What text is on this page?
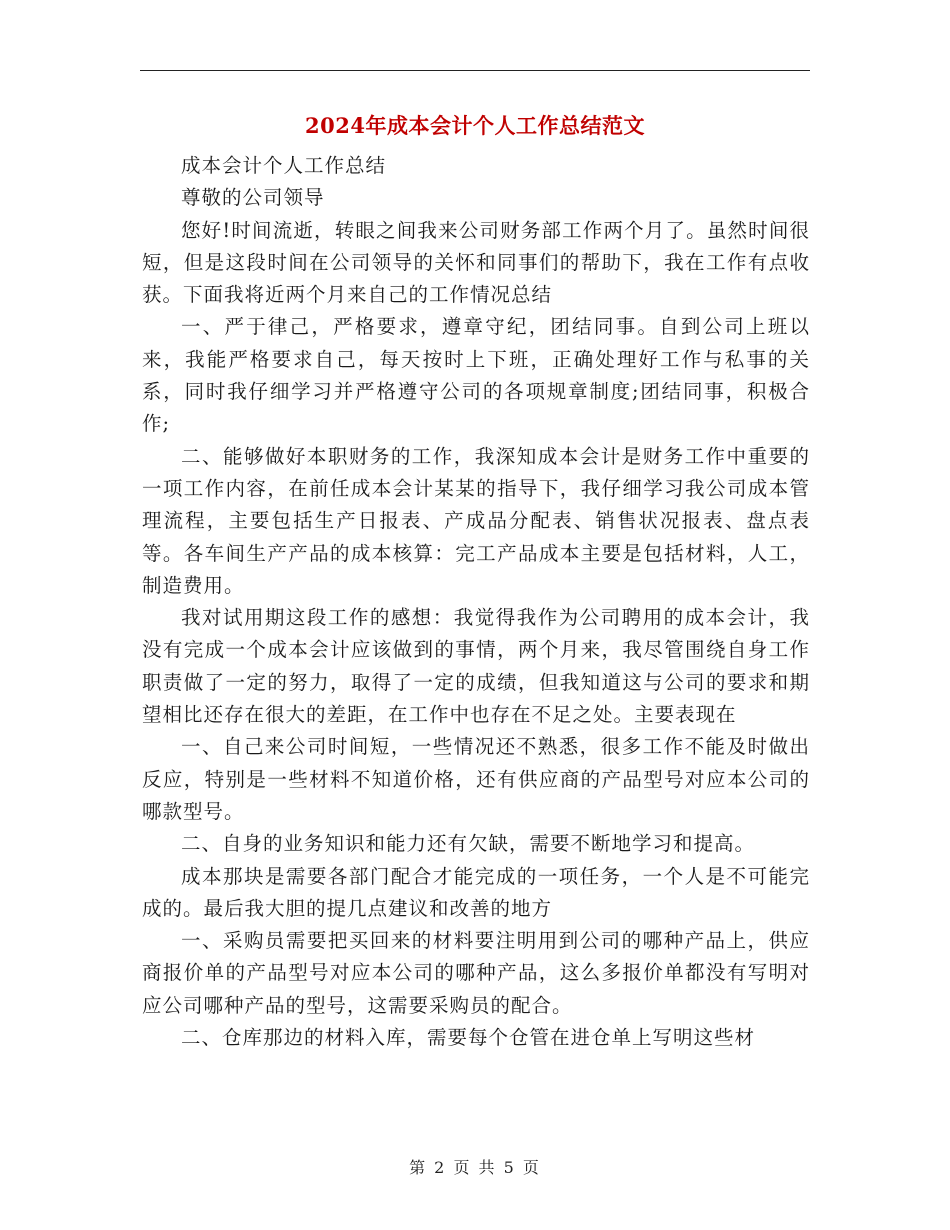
2024年成本会计个人工作总结范文

成本会计个人工作总结

尊敬的公司领导

您好!时间流逝，转眼之间我来公司财务部工作两个月了。虽然时间很短，但是这段时间在公司领导的关怀和同事们的帮助下，我在工作有点收获。下面我将近两个月来自己的工作情况总结

一、严于律己，严格要求，遵章守纪，团结同事。自到公司上班以来，我能严格要求自己，每天按时上下班，正确处理好工作与私事的关系，同时我仔细学习并严格遵守公司的各项规章制度;团结同事，积极合作;

二、能够做好本职财务的工作，我深知成本会计是财务工作中重要的一项工作内容，在前任成本会计某某的指导下，我仔细学习我公司成本管理流程，主要包括生产日报表、产成品分配表、销售状况报表、盘点表等。各车间生产产品的成本核算：完工产品成本主要是包括材料，人工，制造费用。

我对试用期这段工作的感想：我觉得我作为公司聘用的成本会计，我没有完成一个成本会计应该做到的事情，两个月来，我尽管围绕自身工作职责做了一定的努力，取得了一定的成绩，但我知道这与公司的要求和期望相比还存在很大的差距，在工作中也存在不足之处。主要表现在

一、自己来公司时间短，一些情况还不熟悉，很多工作不能及时做出反应，特别是一些材料不知道价格，还有供应商的产品型号对应本公司的哪款型号。

二、自身的业务知识和能力还有欠缺，需要不断地学习和提高。

成本那块是需要各部门配合才能完成的一项任务，一个人是不可能完成的。最后我大胆的提几点建议和改善的地方

一、采购员需要把买回来的材料要注明用到公司的哪种产品上，供应商报价单的产品型号对应本公司的哪种产品，这么多报价单都没有写明对应公司哪种产品的型号，这需要采购员的配合。

二、仓库那边的材料入库，需要每个仓管在进仓单上写明这些材

第 2 页 共 5 页
